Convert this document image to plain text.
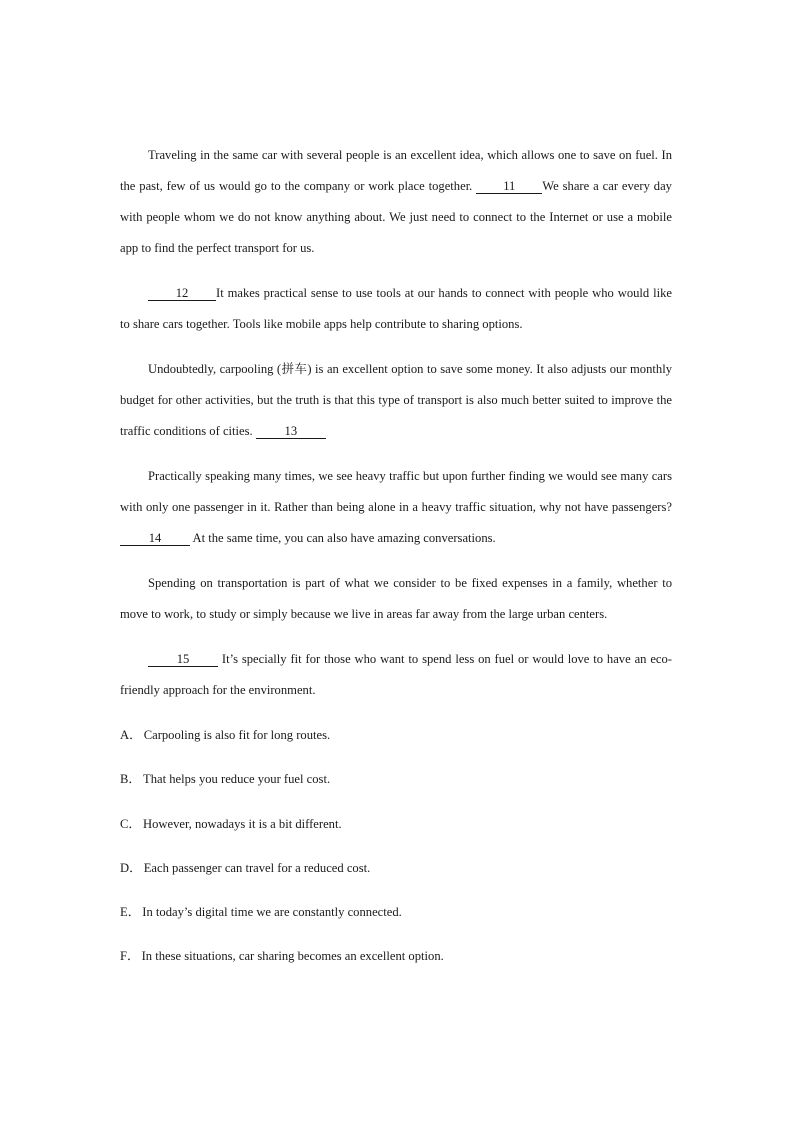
Traveling in the same car with several people is an excellent idea, which allows one to save on fuel. In the past, few of us would go to the company or work place together. 11 We share a car every day with people whom we do not know anything about. We just need to connect to the Internet or use a mobile app to find the perfect transport for us.

12 It makes practical sense to use tools at our hands to connect with people who would like to share cars together. Tools like mobile apps help contribute to sharing options.

Undoubtedly, carpooling (拼车) is an excellent option to save some money. It also adjusts our monthly budget for other activities, but the truth is that this type of transport is also much better suited to improve the traffic conditions of cities.	13

Practically speaking many times, we see heavy traffic but upon further finding we would see many cars with only one passenger in it. Rather than being alone in a heavy traffic situation, why not have passengers?14 At the same time, you can also have amazing conversations.

Spending on transportation is part of what we consider to be fixed expenses in a family, whether to move to work, to study or simply because we live in areas far away from the large urban centers.

15	It’s specially fit for those who want to spend less on fuel or would love to have an eco-friendly approach for the environment.

A． Carpooling is also fit for long routes.

B． That helps you reduce your fuel cost.

C． However, nowadays it is a bit different.

D． Each passenger can travel for a reduced cost.

E． In today’s digital time we are constantly connected.

F． In these situations, car sharing becomes an excellent option.
